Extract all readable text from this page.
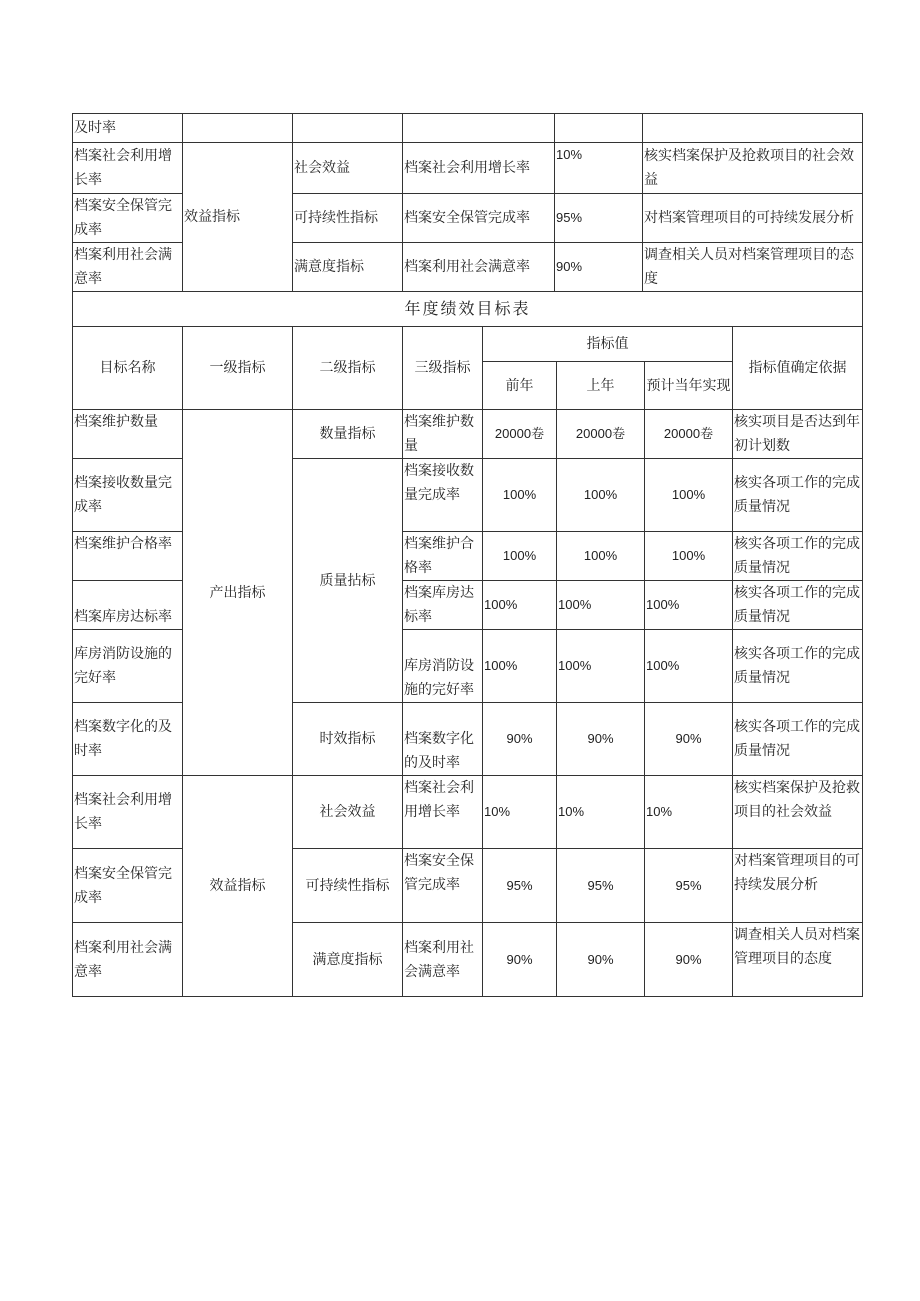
及时率					
档案社会利用增长率	效益指标	社会效益	档案社会利用增长率	10%	核实档案保护及抢救项目的社会效益
档案安全保管完成率		可持续性指标	档案安全保管完成率	95%	对档案管理项目的可持续发展分析
档案利用社会满意率		满意度指标	档案利用社会满意率	90%	调查相关人员对档案管理项目的态度
年度绩效目标表							
目标名称	一级指标	二级指标	三级指标	指标值			指标值确定依据
				前年	上年	预计当年实现	
档案维护数量	产出指标	数量指标	档案维护数量	20000卷	20000卷	20000卷	核实项目是否达到年初计划数
档案接收数量完成率		质量拈标	档案接收数量完成率	100%	100%	100%	核实各项工作的完成质量情况
档案维护合格率			档案维护合格率	100%	100%	100%	核实各项工作的完成质量情况
档案库房达标率			档案库房达标率	100%	100%	100%	核实各项工作的完成质量情况
库房消防设施的完好率			库房消防设施的完好率	100%	100%	100%	核实各项工作的完成质量情况
档案数字化的及时率		时效指标	档案数字化的及时率	90%	90%	90%	核实各项工作的完成质量情况
档案社会利用增长率	效益指标	社会效益	档案社会利用增长率	10%	10%	10%	核实档案保护及抢救项目的社会效益
档案安全保管完成率		可持续性指标	档案安全保管完成率	95%	95%	95%	对档案管理项目的可持续发展分析
档案利用社会满意率		满意度指标	档案利用社会满意率	90%	90%	90%	调查相关人员对档案管理项目的态度
